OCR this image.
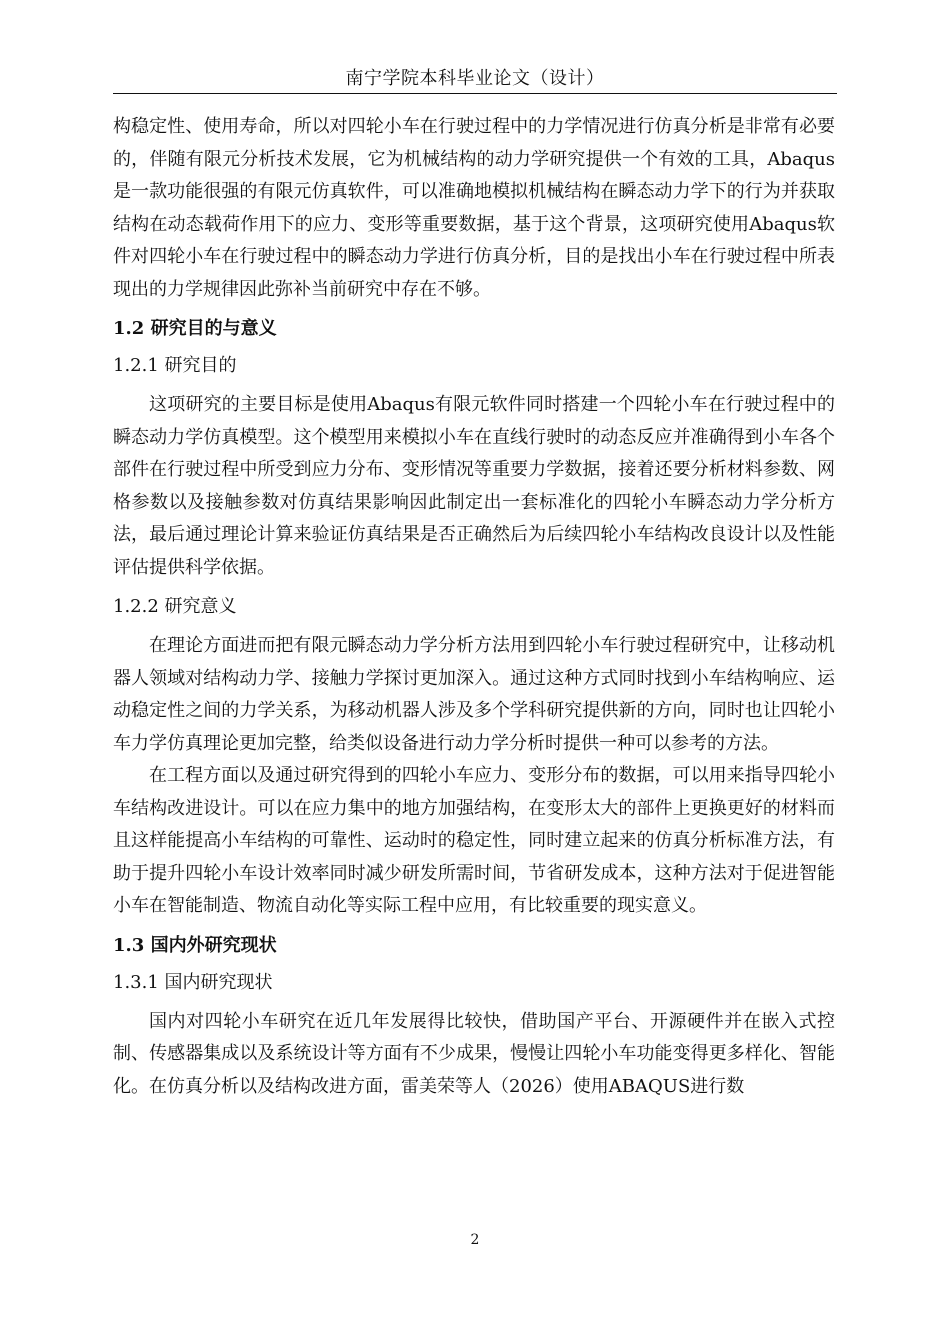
南宁学院本科毕业论文（设计）

构稳定性、使用寿命，所以对四轮小车在行驶过程中的力学情况进行仿真分析是非常有必要的，伴随有限元分析技术发展，它为机械结构的动力学研究提供一个有效的工具，Abaqus是一款功能很强的有限元仿真软件，可以准确地模拟机械结构在瞬态动力学下的行为并获取结构在动态载荷作用下的应力、变形等重要数据，基于这个背景，这项研究使用Abaqus软件对四轮小车在行驶过程中的瞬态动力学进行仿真分析，目的是找出小车在行驶过程中所表现出的力学规律因此弥补当前研究中存在不够。

1.2 研究目的与意义
1.2.1 研究目的

这项研究的主要目标是使用Abaqus有限元软件同时搭建一个四轮小车在行驶过程中的瞬态动力学仿真模型。这个模型用来模拟小车在直线行驶时的动态反应并准确得到小车各个部件在行驶过程中所受到应力分布、变形情况等重要力学数据，接着还要分析材料参数、网格参数以及接触参数对仿真结果影响因此制定出一套标准化的四轮小车瞬态动力学分析方法，最后通过理论计算来验证仿真结果是否正确然后为后续四轮小车结构改良设计以及性能评估提供科学依据。

1.2.2 研究意义

在理论方面进而把有限元瞬态动力学分析方法用到四轮小车行驶过程研究中，让移动机器人领域对结构动力学、接触力学探讨更加深入。通过这种方式同时找到小车结构响应、运动稳定性之间的力学关系，为移动机器人涉及多个学科研究提供新的方向，同时也让四轮小车力学仿真理论更加完整，给类似设备进行动力学分析时提供一种可以参考的方法。

在工程方面以及通过研究得到的四轮小车应力、变形分布的数据，可以用来指导四轮小车结构改进设计。可以在应力集中的地方加强结构，在变形太大的部件上更换更好的材料而且这样能提高小车结构的可靠性、运动时的稳定性，同时建立起来的仿真分析标准方法，有助于提升四轮小车设计效率同时减少研发所需时间，节省研发成本，这种方法对于促进智能小车在智能制造、物流自动化等实际工程中应用，有比较重要的现实意义。

1.3 国内外研究现状
1.3.1 国内研究现状

国内对四轮小车研究在近几年发展得比较快，借助国产平台、开源硬件并在嵌入式控制、传感器集成以及系统设计等方面有不少成果，慢慢让四轮小车功能变得更多样化、智能化。在仿真分析以及结构改进方面，雷美荣等人（2026）使用ABAQUS进行数

2
